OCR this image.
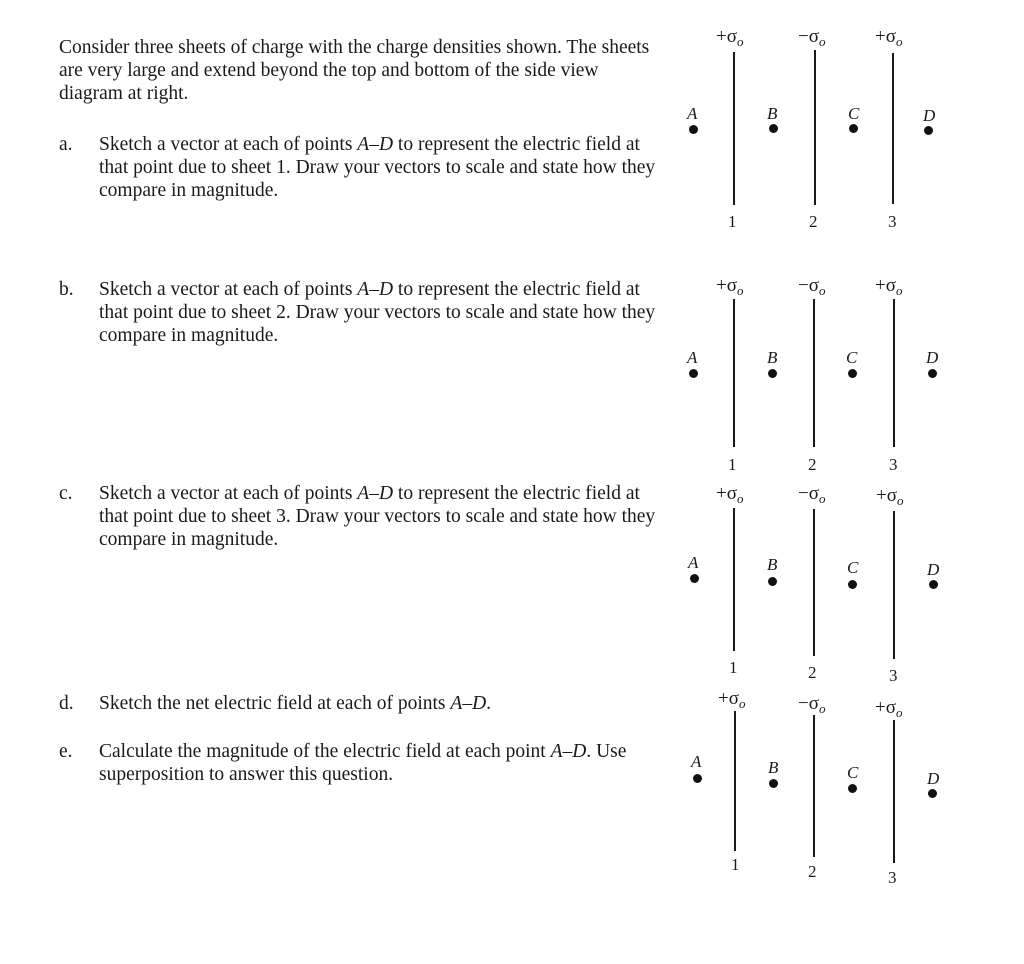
Consider three sheets of charge with the charge densities shown. The sheets are very large and extend beyond the top and bottom of the side view diagram at right.
a. Sketch a vector at each of points A–D to represent the electric field at that point due to sheet 1. Draw your vectors to scale and state how they compare in magnitude.
b. Sketch a vector at each of points A–D to represent the electric field at that point due to sheet 2. Draw your vectors to scale and state how they compare in magnitude.
c. Sketch a vector at each of points A–D to represent the electric field at that point due to sheet 3. Draw your vectors to scale and state how they compare in magnitude.
d. Sketch the net electric field at each of points A–D.
e. Calculate the magnitude of the electric field at each point A–D. Use superposition to answer this question.
$+\sigma_o$	$-\sigma_o$	$+\sigma_o$
1	2	3
A	B	C	D
$+\sigma_o$	$-\sigma_o$	$+\sigma_o$
1	2	3
A	B	C	D
$+\sigma_o$	$-\sigma_o$	$+\sigma_o$
1	2	3
A	B	C	D
$+\sigma_o$	$-\sigma_o$	$+\sigma_o$
1	2	3
A	B	C	D
